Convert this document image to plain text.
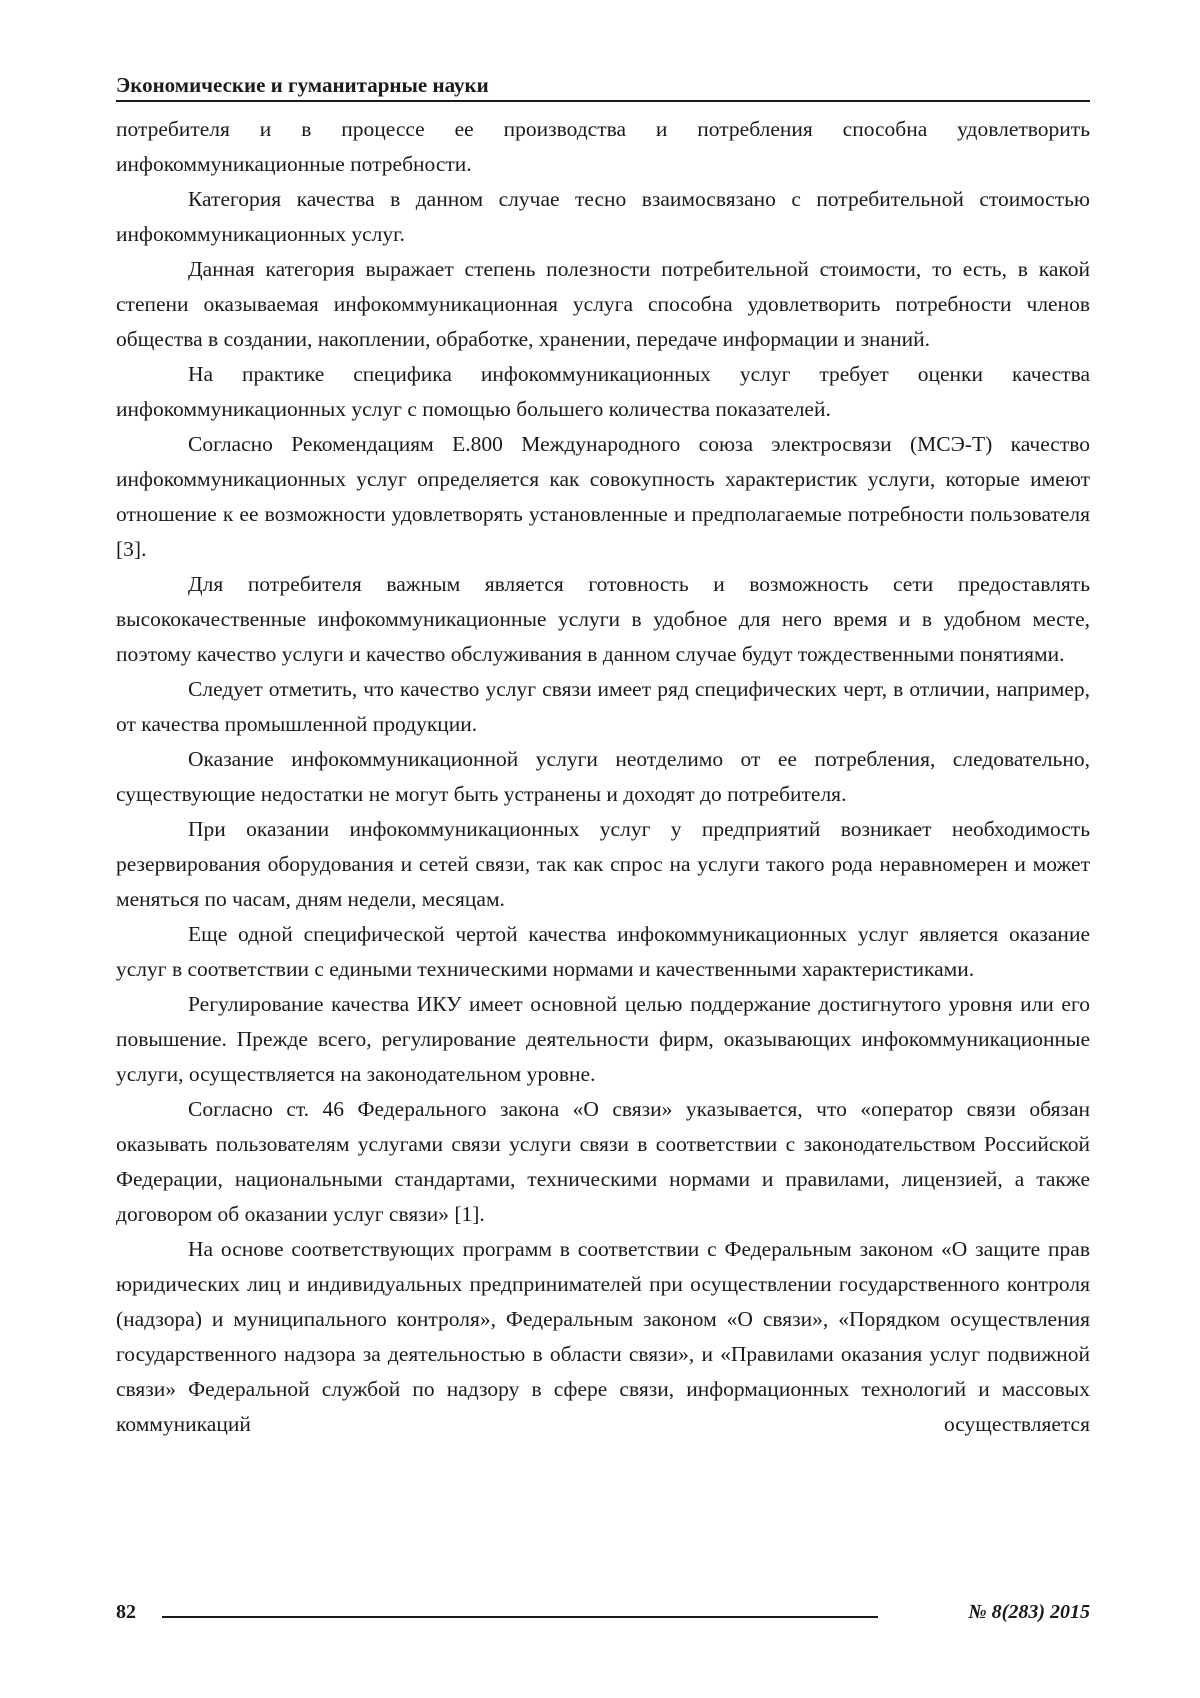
Экономические и гуманитарные науки

потребителя и в процессе ее производства и потребления способна удовлетворить инфокоммуникационные потребности.

Категория качества в данном случае тесно взаимосвязано с потребительной стоимостью инфокоммуникационных услуг.

Данная категория выражает степень полезности потребительной стоимости, то есть, в какой степени оказываемая инфокоммуникационная услуга способна удовлетворить потребности членов общества в создании, накоплении, обработке, хранении, передаче информации и знаний.

На практике специфика инфокоммуникационных услуг требует оценки качества инфокоммуникационных услуг с помощью большего количества показателей.

Согласно Рекомендациям Е.800 Международного союза электросвязи (МСЭ-Т) качество инфокоммуникационных услуг определяется как совокупность характеристик услуги, которые имеют отношение к ее возможности удовлетворять установленные и предполагаемые потребности пользователя [3].

Для потребителя важным является готовность и возможность сети предоставлять высококачественные инфокоммуникационные услуги в удобное для него время и в удобном месте, поэтому качество услуги и качество обслуживания в данном случае будут тождественными понятиями.

Следует отметить, что качество услуг связи имеет ряд специфических черт, в отличии, например, от качества промышленной продукции.

Оказание инфокоммуникационной услуги неотделимо от ее потребления, следовательно, существующие недостатки не могут быть устранены и доходят до потребителя.

При оказании инфокоммуникационных услуг у предприятий возникает необходимость резервирования оборудования и сетей связи, так как спрос на услуги такого рода неравномерен и может меняться по часам, дням недели, месяцам.

Еще одной специфической чертой качества инфокоммуникационных услуг является оказание услуг в соответствии с едиными техническими нормами и качественными характеристиками.

Регулирование качества ИКУ имеет основной целью поддержание достигнутого уровня или его повышение. Прежде всего, регулирование деятельности фирм, оказывающих инфокоммуникационные услуги, осуществляется на законодательном уровне.

Согласно ст. 46 Федерального закона «О связи» указывается, что «оператор связи обязан оказывать пользователям услугами связи услуги связи в соответствии с законодательством Российской Федерации, национальными стандартами, техническими нормами и правилами, лицензией, а также договором об оказании услуг связи» [1].

На основе соответствующих программ в соответствии с Федеральным законом «О защите прав юридических лиц и индивидуальных предпринимателей при осуществлении государственного контроля (надзора) и муниципального контроля», Федеральным законом «О связи», «Порядком осуществления государственного надзора за деятельностью в области связи», и «Правилами оказания услуг подвижной связи» Федеральной службой по надзору в сфере связи, информационных технологий и массовых коммуникаций осуществляется

82	№ 8(283) 2015
